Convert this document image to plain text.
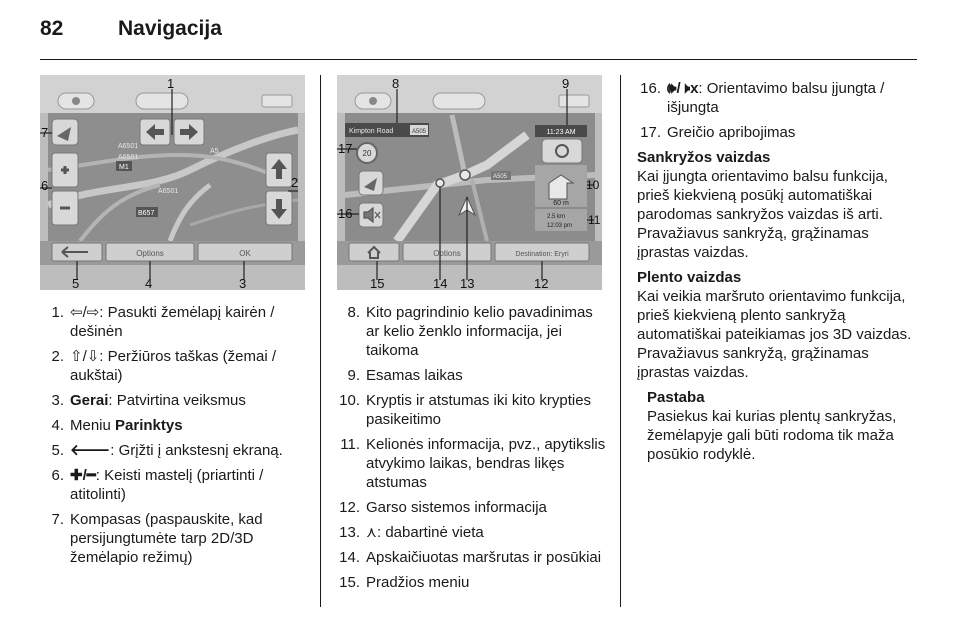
82	Navigacija
A6501
A6501
A5
A6501
M1
B657
Options	OK
1
2
3
4
5
6
7	Kimpton Road	A505
A505
20
11:23 AM
60 m
2.5 km
12:03 pm
Options	Destination: Eryri
8	9
10
11
12
13
14
15
16
17
1. ⇦/⇨: Pasukti žemėlapį kairėn / dešinėn
2. ⇧/⇩: Peržiūros taškas (žemai / aukštai)
3. Gerai: Patvirtina veiksmus
4. Meniu Parinktys
5. 🡐: Grįžti į ankstesnį ekraną.
6. ✚/━: Keisti mastelį (priartinti / atitolinti)
7. Kompasas (paspauskite, kad persijungtumėte tarp 2D/3D žemėlapio režimų)
8. Kito pagrindinio kelio pavadinimas ar kelio ženklo informacija, jei taikoma
9. Esamas laikas
10. Kryptis ir atstumas iki kito krypties pasikeitimo
11. Kelionės informacija, pvz., apytikslis atvykimo laikas, bendras likęs atstumas
12. Garso sistemos informacija
13. ⋏: dabartinė vieta
14. Apskaičiuotas maršrutas ir posūkiai
15. Pradžios meniu
16. 🕪/🕨x: Orientavimo balsu įjungta / išjungta
17. Greičio apribojimas
Sankryžos vaizdas

Kai įjungta orientavimo balsu funkcija, prieš kiekvieną posūkį automatiškai parodomas sankryžos vaizdas iš arti. Pravažiavus sankryžą, grąžinamas įprastas vaizdas.

Plento vaizdas

Kai veikia maršruto orientavimo funkcija, prieš kiekvieną plento sankryžą automatiškai pateikiamas jos 3D vaizdas. Pravažiavus sankryžą, grąžinamas įprastas vaizdas.

Pastaba

Pasiekus kai kurias plentų sankryžas, žemėlapyje gali būti rodoma tik maža posūkio rodyklė.
